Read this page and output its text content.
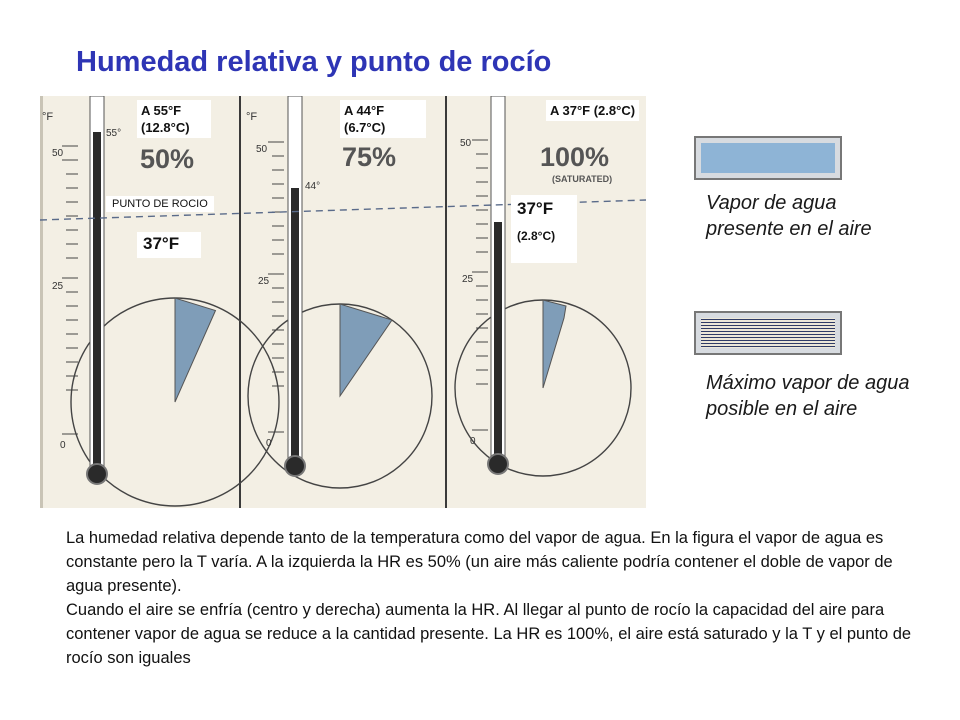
Humedad relativa y punto de rocío
°F
50
25
0
55°
50%
°F
50
25
0
44°
75%	50
25
0
100%
(SATURATED)
A 55°F
(12.8°C)
A 44°F
(6.7°C)
A 37°F (2.8°C)
PUNTO DE ROCIO
37°F
37°F
(2.8°C)
Vapor de agua presente en el aire
Máximo vapor de agua posible en el aire

La humedad relativa depende tanto de la temperatura como del vapor de agua. En la figura el vapor de agua es constante pero la T varía. A la izquierda la HR es 50% (un aire más caliente podría contener el doble de vapor de agua presente).

Cuando el aire se enfría (centro y derecha) aumenta la HR. Al llegar al punto de rocío la capacidad del aire para contener vapor de agua se reduce a la cantidad presente. La HR es 100%, el aire está saturado y la T y el punto de rocío son iguales
